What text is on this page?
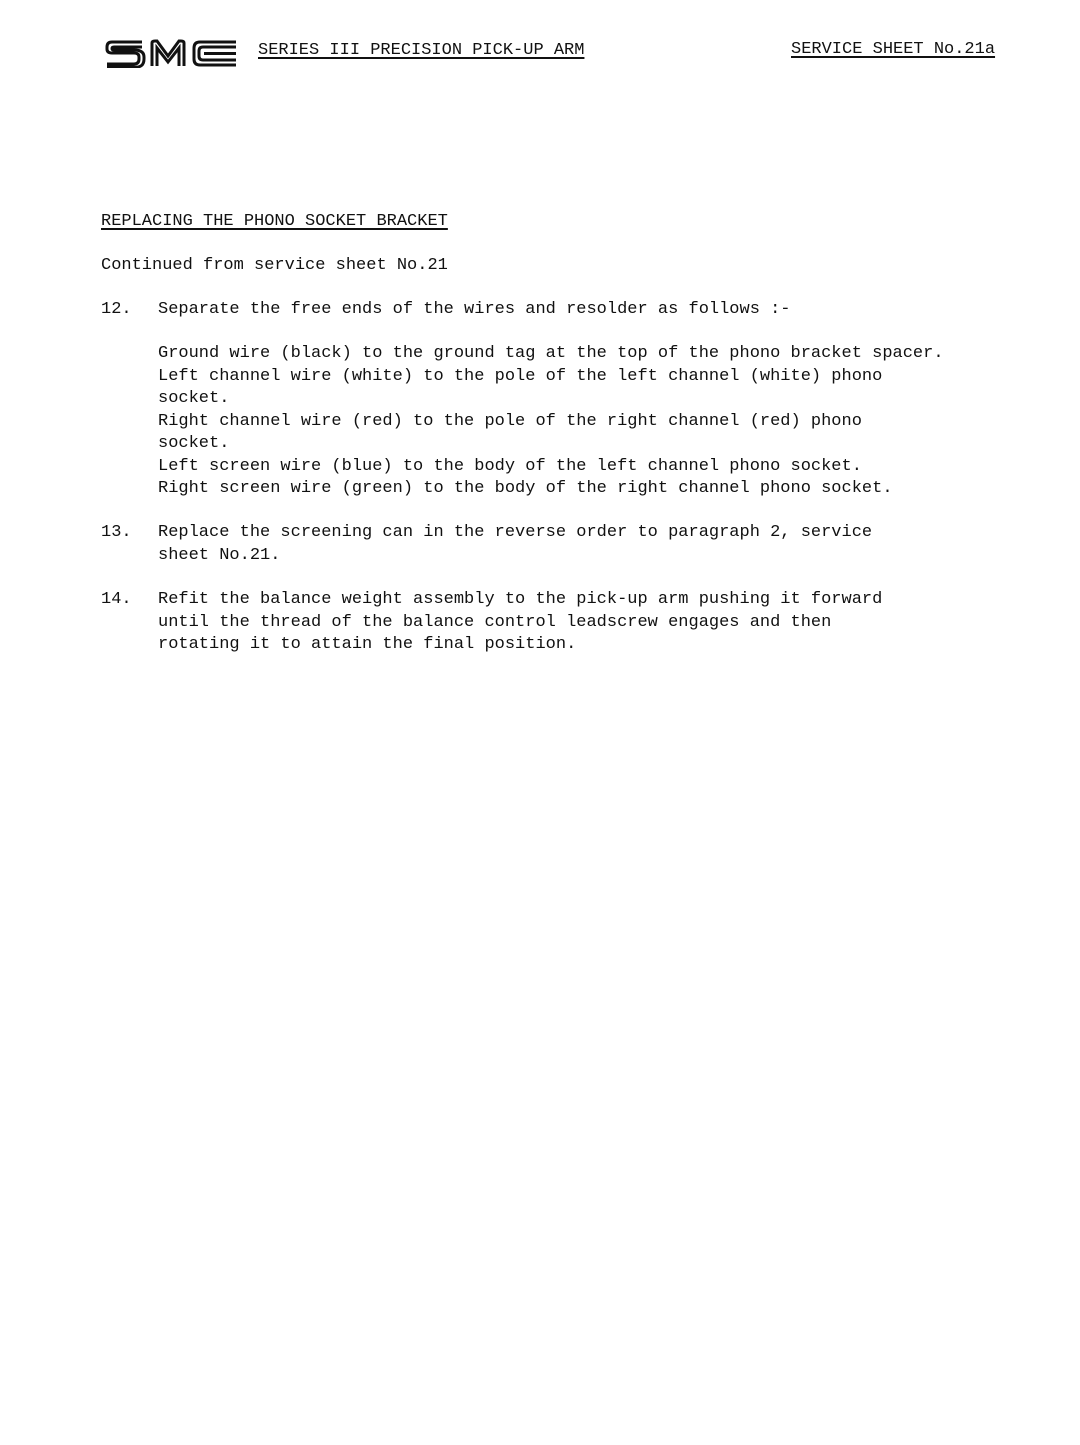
SERIES III PRECISION PICK-UP ARM	SERVICE SHEET No.21a
REPLACING THE PHONO SOCKET BRACKET
Continued from service sheet No.21
12.	Separate the free ends of the wires and resolder as follows :-
Ground wire (black) to the ground tag at the top of the phono bracket spacer.
Left channel wire (white) to the pole of the left channel (white) phono
socket.
Right channel wire (red) to the pole of the right channel (red) phono
socket.
Left screen wire (blue) to the body of the left channel phono socket.
Right screen wire (green) to the body of the right channel phono socket.
13.	Replace the screening can in the reverse order to paragraph 2, service
sheet No.21.
14.	Refit the balance weight assembly to the pick-up arm pushing it forward
until the thread of the balance control leadscrew engages and then
rotating it to attain the final position.
